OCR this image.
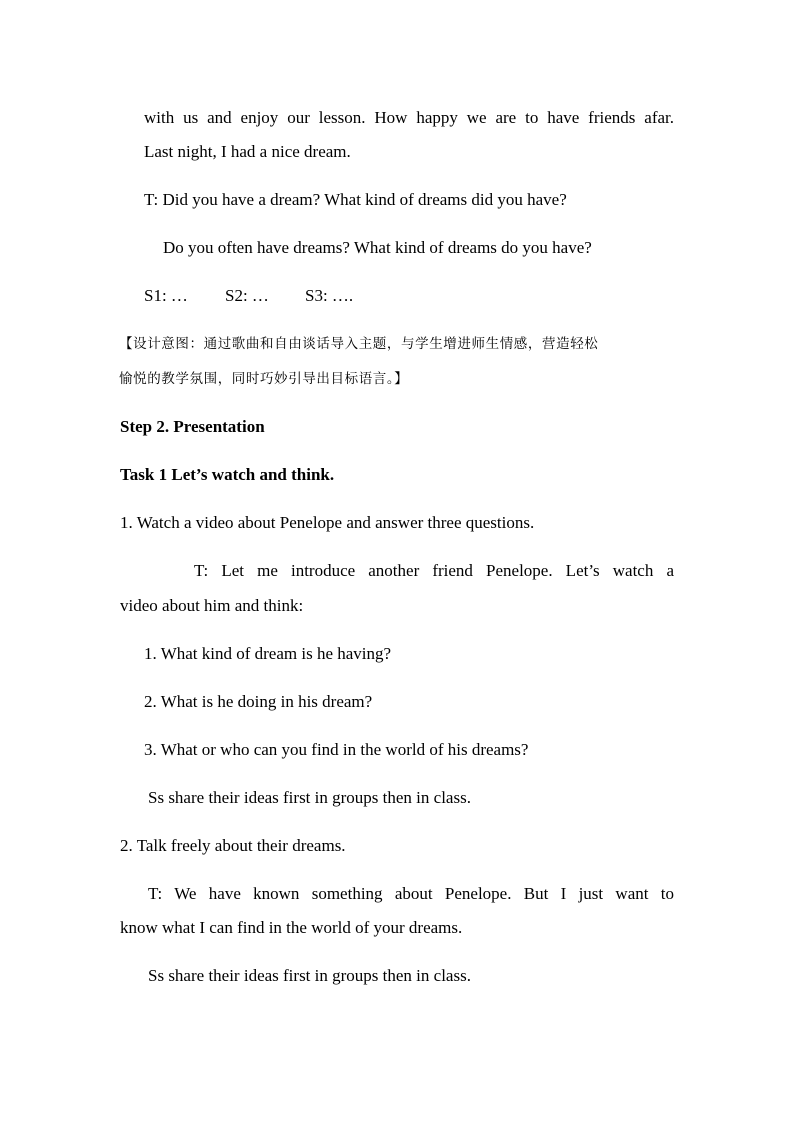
with us and enjoy our lesson. How happy we are to have friends afar.
Last night, I had a nice dream.
T: Did you have a dream? What kind of dreams did you have?
Do you often have dreams? What kind of dreams do you have?
S1: … S2: … S3: ….
【设计意图：通过歌曲和自由谈话导入主题，与学生增进师生情感，营造轻松
愉悦的教学氛围，同时巧妙引导出目标语言。】
Step 2. Presentation
Task 1 Let’s watch and think.
1. Watch a video about Penelope and answer three questions.
T: Let me introduce another friend Penelope. Let’s watch a
video about him and think:
1. What kind of dream is he having?
2. What is he doing in his dream?
3. What or who can you find in the world of his dreams?
Ss share their ideas first in groups then in class.
2. Talk freely about their dreams.
T: We have known something about Penelope. But I just want to
know what I can find in the world of your dreams.
Ss share their ideas first in groups then in class.
